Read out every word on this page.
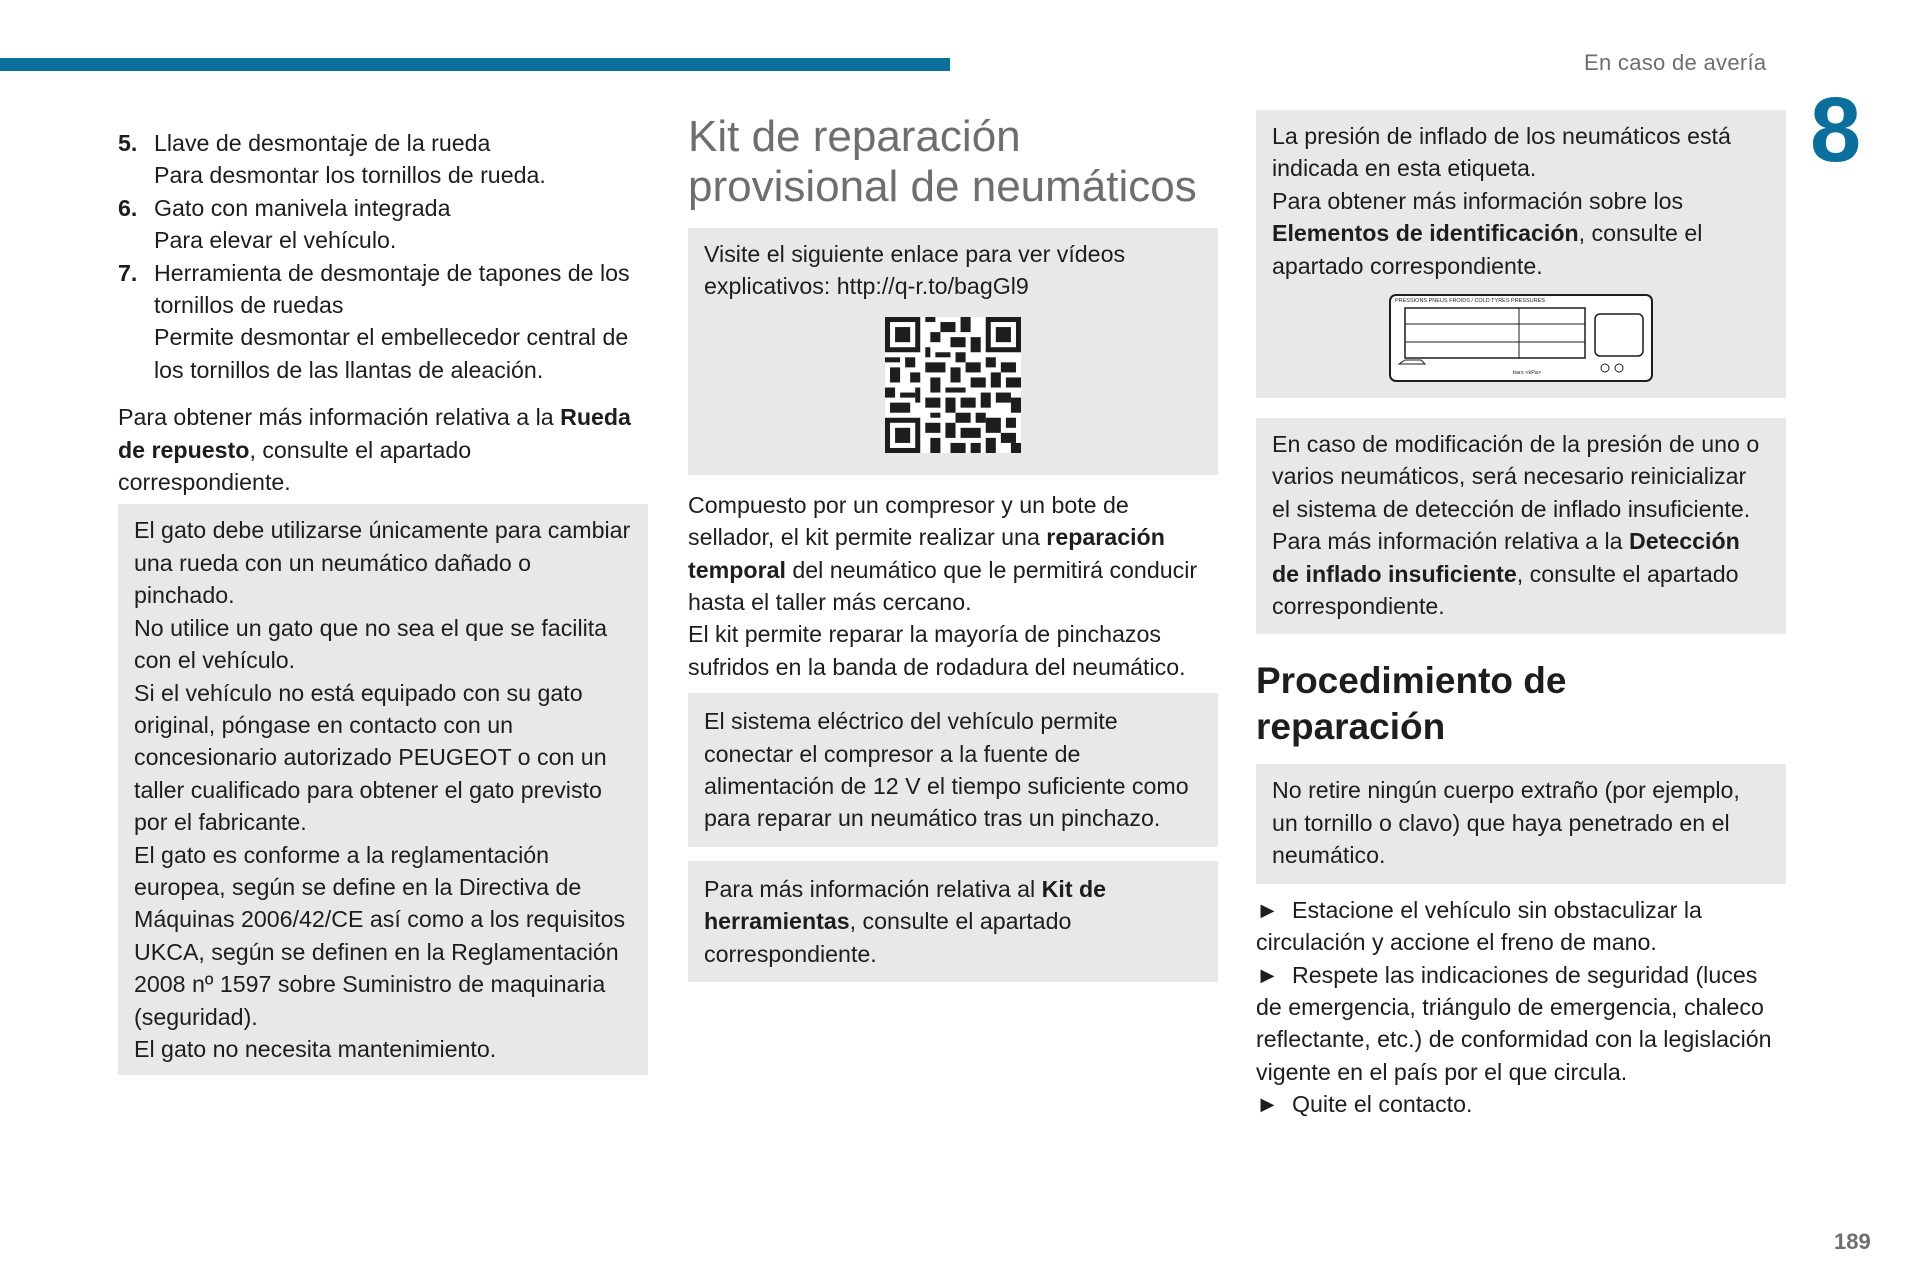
En caso de avería
8
189
5. Llave de desmontaje de la rueda
Para desmontar los tornillos de rueda.
6. Gato con manivela integrada
Para elevar el vehículo.
7. Herramienta de desmontaje de tapones de los tornillos de ruedas
Permite desmontar el embellecedor central de los tornillos de las llantas de aleación.

Para obtener más información relativa a la Rueda de repuesto, consulte el apartado correspondiente.

El gato debe utilizarse únicamente para cambiar una rueda con un neumático dañado o pinchado.

No utilice un gato que no sea el que se facilita con el vehículo.

Si el vehículo no está equipado con su gato original, póngase en contacto con un concesionario autorizado PEUGEOT o con un taller cualificado para obtener el gato previsto por el fabricante.

El gato es conforme a la reglamentación europea, según se define en la Directiva de Máquinas 2006/42/CE así como a los requisitos UKCA, según se definen en la Reglamentación 2008 nº 1597 sobre Suministro de maquinaria (seguridad).

El gato no necesita mantenimiento.

Kit de reparación
provisional de neumáticos

Visite el siguiente enlace para ver vídeos explicativos: http://q-r.to/bagGl9

Compuesto por un compresor y un bote de sellador, el kit permite realizar una reparación temporal del neumático que le permitirá conducir hasta el taller más cercano.

El kit permite reparar la mayoría de pinchazos sufridos en la banda de rodadura del neumático.

El sistema eléctrico del vehículo permite conectar el compresor a la fuente de alimentación de 12 V el tiempo suficiente como para reparar un neumático tras un pinchazo.

Para más información relativa al Kit de herramientas, consulte el apartado correspondiente.

La presión de inflado de los neumáticos está indicada en esta etiqueta.

Para obtener más información sobre los Elementos de identificación, consulte el apartado correspondiente.

PRESSIONS PNEUS FROIDS / COLD TYRES PRESSURES
bars <kPa>

En caso de modificación de la presión de uno o varios neumáticos, será necesario reinicializar el sistema de detección de inflado insuficiente.

Para más información relativa a la Detección de inflado insuficiente, consulte el apartado correspondiente.

Procedimiento de
reparación

No retire ningún cuerpo extraño (por ejemplo, un tornillo o clavo) que haya penetrado en el neumático.

► Estacione el vehículo sin obstaculizar la circulación y accione el freno de mano.

► Respete las indicaciones de seguridad (luces de emergencia, triángulo de emergencia, chaleco reflectante, etc.) de conformidad con la legislación vigente en el país por el que circula.

► Quite el contacto.
